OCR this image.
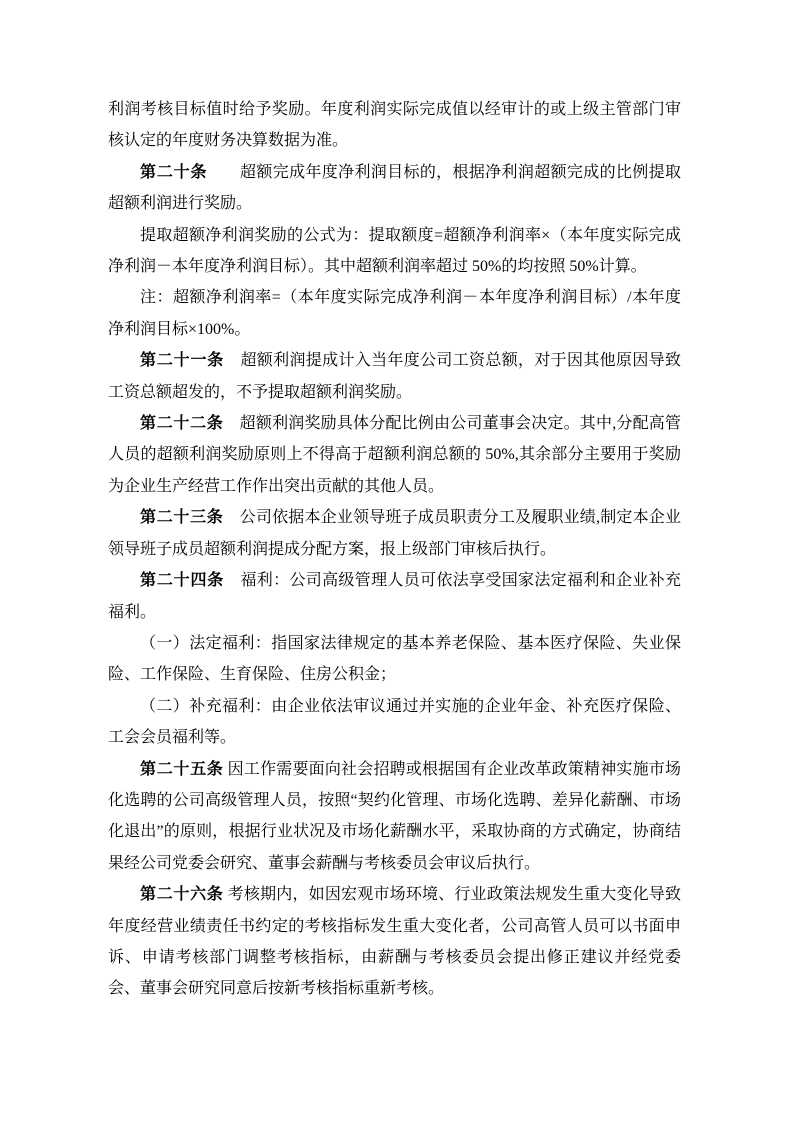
利润考核目标值时给予奖励。年度利润实际完成值以经审计的或上级主管部门审核认定的年度财务决算数据为准。

第二十条　　超额完成年度净利润目标的，根据净利润超额完成的比例提取超额利润进行奖励。

提取超额净利润奖励的公式为：提取额度=超额净利润率×（本年度实际完成净利润－本年度净利润目标）。其中超额利润率超过 50%的均按照 50%计算。

注：超额净利润率=（本年度实际完成净利润－本年度净利润目标）/本年度净利润目标×100%。

第二十一条　超额利润提成计入当年度公司工资总额，对于因其他原因导致工资总额超发的，不予提取超额利润奖励。

第二十二条　超额利润奖励具体分配比例由公司董事会决定。其中,分配高管人员的超额利润奖励原则上不得高于超额利润总额的 50%,其余部分主要用于奖励为企业生产经营工作作出突出贡献的其他人员。

第二十三条　公司依据本企业领导班子成员职责分工及履职业绩,制定本企业领导班子成员超额利润提成分配方案，报上级部门审核后执行。

第二十四条　福利：公司高级管理人员可依法享受国家法定福利和企业补充福利。

（一）法定福利：指国家法律规定的基本养老保险、基本医疗保险、失业保险、工作保险、生育保险、住房公积金；

（二）补充福利：由企业依法审议通过并实施的企业年金、补充医疗保险、工会会员福利等。

第二十五条 因工作需要面向社会招聘或根据国有企业改革政策精神实施市场化选聘的公司高级管理人员，按照“契约化管理、市场化选聘、差异化薪酬、市场化退出”的原则，根据行业状况及市场化薪酬水平，采取协商的方式确定，协商结果经公司党委会研究、董事会薪酬与考核委员会审议后执行。

第二十六条 考核期内，如因宏观市场环境、行业政策法规发生重大变化导致年度经营业绩责任书约定的考核指标发生重大变化者，公司高管人员可以书面申诉、申请考核部门调整考核指标，由薪酬与考核委员会提出修正建议并经党委会、董事会研究同意后按新考核指标重新考核。
